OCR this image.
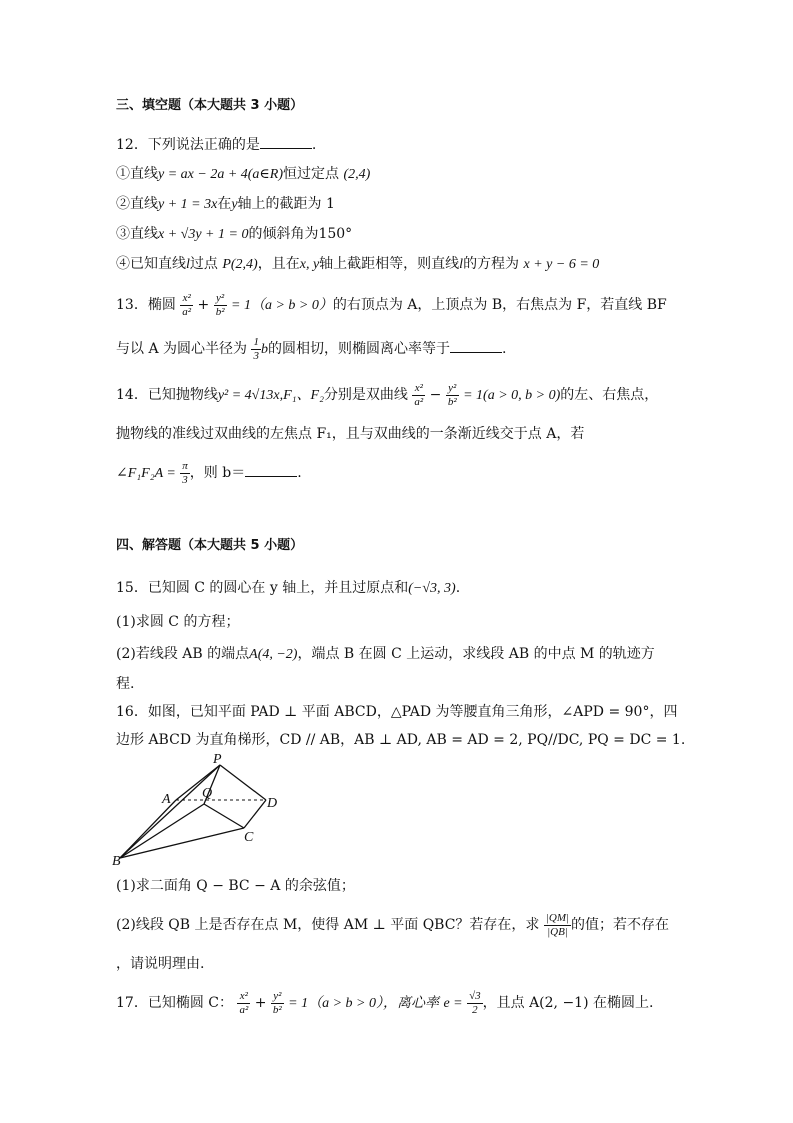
三、填空题（本大题共 3 小题）
12．下列说法正确的是	.
①直线y = ax − 2a + 4(a∈R)恒过定点 (2,4)
②直线y + 1 = 3x在y轴上的截距为 1
③直线x + √3y + 1 = 0的倾斜角为150°
④已知直线l过点 P(2,4)，且在x, y轴上截距相等，则直线l的方程为 x + y − 6 = 0
13．椭圆 $\frac{\text{x²}}{\text{a²}} + \frac{\text{y²}}{\text{b²}} = 1(a > b > 0)$的右顶点为 A，上顶点为 B，右焦点为 F，若直线 BF
与以 A 为圆心半径为 $\frac{1}{3}$ b的圆相切，则椭圆离心率等于	.
14．已知抛物线y² = 4√13x,F₁、F₂分别是双曲线 $\frac{\text{x²}}{\text{a²}} - \frac{\text{y²}}{\text{b²}} = 1(a > 0$, b > 0)的左、右焦点，
抛物线的准线过双曲线的左焦点 F₁，且与双曲线的一条渐近线交于点 A，若
∠F₁F₂A = $\frac{\pi}{3}$ ，则 b＝	.
四、解答题（本大题共 5 小题）
15．已知圆 C 的圆心在 y 轴上，并且过原点和(−√3, 3).
(1)求圆 C 的方程；
(2)若线段 AB 的端点A(4, −2)，端点 B 在圆 C 上运动，求线段 AB 的中点 M 的轨迹方
程.
16．如图，已知平面 PAD ⊥ 平面 ABCD，△PAD 为等腰直角三角形，∠APD = 90°，四
边形 ABCD 为直角梯形，CD // AB，AB ⊥ AD, AB = AD = 2, PQ//DC, PQ = DC = 1.
P
A Q
D
C
B
(1)求二面角 Q − BC − A 的余弦值；
(2)线段 QB 上是否存在点 M，使得 AM ⊥ 平面 QBC？若存在，求 $\frac{|QM|}{|QB|}$ 的值；若不存在
，请说明理由.
17．已知椭圆 C： $\frac{\text{x²}}{\text{a²}} + \frac{\text{y²}}{\text{b²}} = 1(a > b > 0)$，离心率 $e = \frac{√3}{2}$ ，且点 A(2, −1) 在椭圆上.
